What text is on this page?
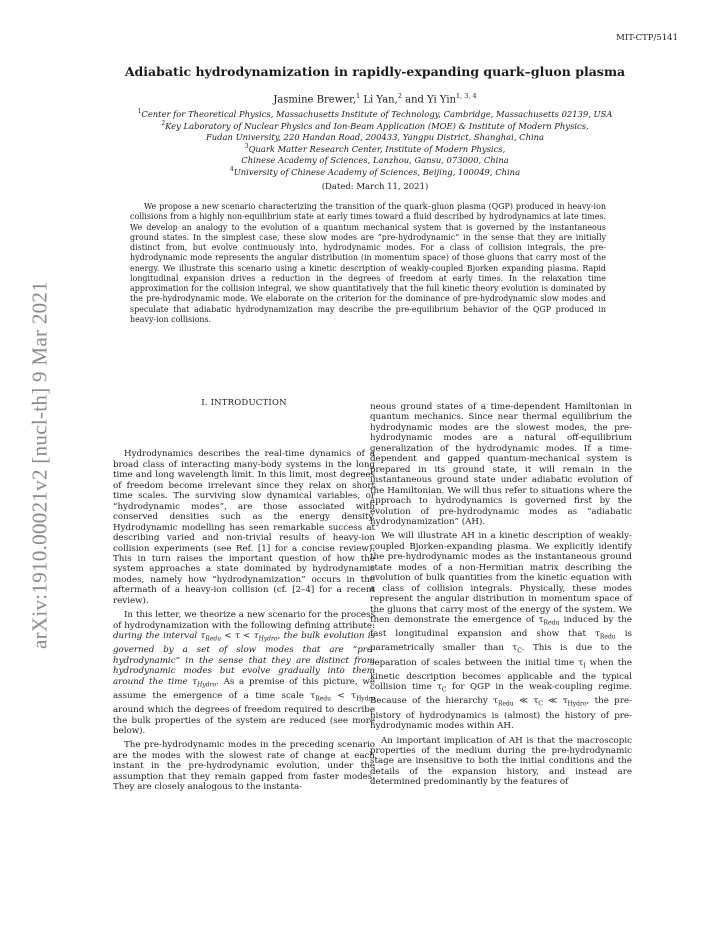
MIT-CTP/5141
arXiv:1910.00021v2 [nucl-th] 9 Mar 2021
Adiabatic hydrodynamization in rapidly-expanding quark–gluon plasma
Jasmine Brewer,$^1$ Li Yan,$^2$ and Yi Yin$^{1, 3, 4}$
$^1$Center for Theoretical Physics, Massachusetts Institute of Technology, Cambridge, Massachusetts 02139, USA
$^2$Key Laboratory of Nuclear Physics and Ion-Beam Application (MOE) & Institute of Modern Physics,
Fudan University, 220 Handan Road, 200433, Yangpu District, Shanghai, China
$^3$Quark Matter Research Center, Institute of Modern Physics,
Chinese Academy of Sciences, Lanzhou, Gansu, 073000, China
$^4$University of Chinese Academy of Sciences, Beijing, 100049, China
(Dated: March 11, 2021)

We propose a new scenario characterizing the transition of the quark–gluon plasma (QGP) produced in heavy-ion collisions from a highly non-equilibrium state at early times toward a fluid described by hydrodynamics at late times. We develop an analogy to the evolution of a quantum mechanical system that is governed by the instantaneous ground states. In the simplest case, these slow modes are “pre-hydrodynamic” in the sense that they are initially distinct from, but evolve continuously into, hydrodynamic modes. For a class of collision integrals, the pre-hydrodynamic mode represents the angular distribution (in momentum space) of those gluons that carry most of the energy. We illustrate this scenario using a kinetic description of weakly-coupled Bjorken expanding plasma. Rapid longitudinal expansion drives a reduction in the degrees of freedom at early times. In the relaxation time approximation for the collision integral, we show quantitatively that the full kinetic theory evolution is dominated by the pre-hydrodynamic mode. We elaborate on the criterion for the dominance of pre-hydrodynamic slow modes and speculate that adiabatic hydrodynamization may describe the pre-equilibrium behavior of the QGP produced in heavy-ion collisions.

I. INTRODUCTION

Hydrodynamics describes the real-time dynamics of a broad class of interacting many-body systems in the long time and long wavelength limit. In this limit, most degrees of freedom become irrelevant since they relax on short time scales. The surviving slow dynamical variables, or “hydrodynamic modes”, are those associated with conserved densities such as the energy density. Hydrodynamic modelling has seen remarkable success at describing varied and non-trivial results of heavy-ion collision experiments (see Ref. [1] for a concise review). This in turn raises the important question of how the system approaches a state dominated by hydrodynamic modes, namely how “hydrodynamization” occurs in the aftermath of a heavy-ion collision (cf. [2–4] for a recent review).

In this letter, we theorize a new scenario for the process of hydrodynamization with the following defining attribute: during the interval $\tau_{Redu} < \tau < \tau_{Hydro}$, the bulk evolution is governed by a set of slow modes that are “pre-hydrodynamic” in the sense that they are distinct from hydrodynamic modes but evolve gradually into them around the time $\tau_{Hydro}$. As a premise of this picture, we assume the emergence of a time scale $\tau_{Redu} < \tau_{Hydro}$ around which the degrees of freedom required to describe the bulk properties of the system are reduced (see more below).

The pre-hydrodynamic modes in the preceding scenario are the modes with the slowest rate of change at each instant in the pre-hydrodynamic evolution, under the assumption that they remain gapped from faster modes. They are closely analogous to the instanta-

neous ground states of a time-dependent Hamiltonian in quantum mechanics. Since near thermal equilibrium the hydrodynamic modes are the slowest modes, the pre-hydrodynamic modes are a natural off-equilibrium generalization of the hydrodynamic modes. If a time-dependent and gapped quantum-mechanical system is prepared in its ground state, it will remain in the instantaneous ground state under adiabatic evolution of the Hamiltonian. We will thus refer to situations where the approach to hydrodynamics is governed first by the evolution of pre-hydrodynamic modes as “adiabatic hydrodynamization” (AH).

We will illustrate AH in a kinetic description of weakly-coupled Bjorken-expanding plasma. We explicitly identify the pre-hydrodynamic modes as the instantaneous ground state modes of a non-Hermitian matrix describing the evolution of bulk quantities from the kinetic equation with a class of collision integrals. Physically, these modes represent the angular distribution in momentum space of the gluons that carry most of the energy of the system. We then demonstrate the emergence of $\tau_{Redu}$ induced by the fast longitudinal expansion and show that $\tau_{Redu}$ is parametrically smaller than $\tau_C$. This is due to the separation of scales between the initial time $\tau_I$ when the kinetic description becomes applicable and the typical collision time $\tau_C$ for QGP in the weak-coupling regime. Because of the hierarchy $\tau_{Redu}$ ≪ $\tau_C$ ≪ $\tau_{Hydro}$, the pre-history of hydrodynamics is (almost) the history of pre-hydrodynamic modes within AH.

An important implication of AH is that the macroscopic properties of the medium during the pre-hydrodynamic stage are insensitive to both the initial conditions and the details of the expansion history, and instead are determined predominantly by the features of
